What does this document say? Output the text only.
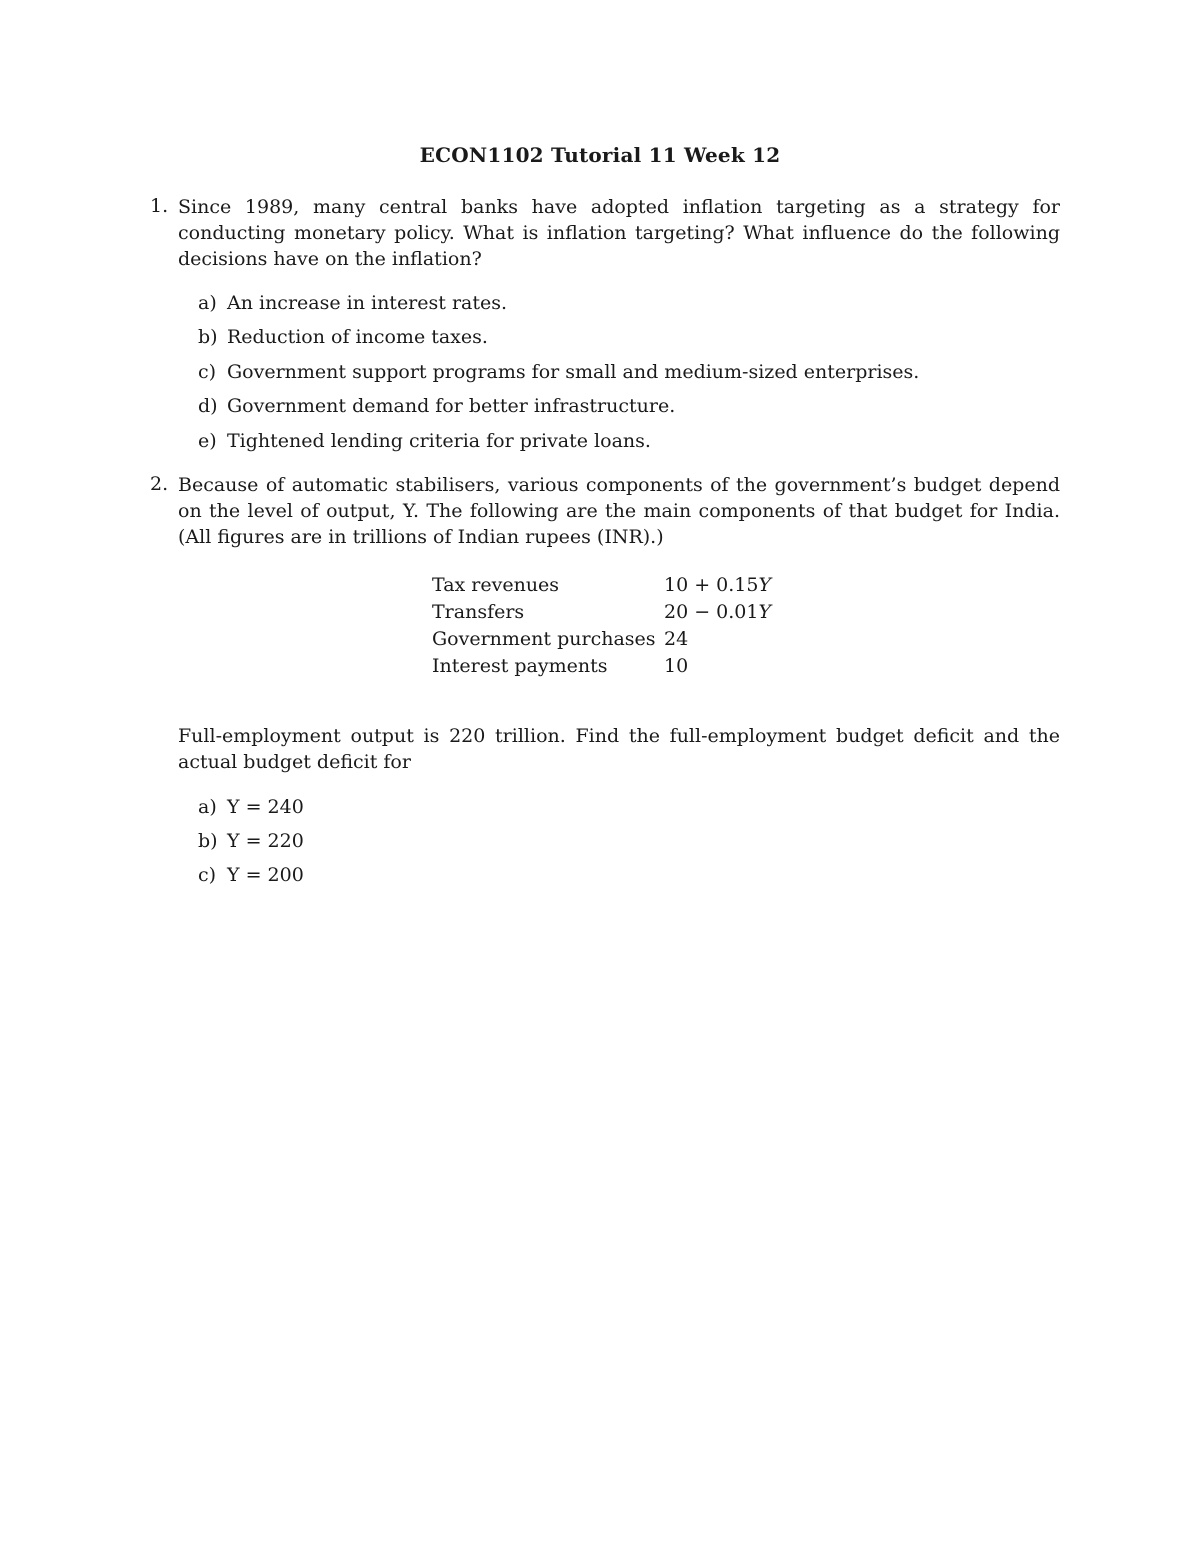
ECON1102 Tutorial 11 Week 12
1. Since 1989, many central banks have adopted inflation targeting as a strategy for conducting monetary policy. What is inflation targeting? What influence do the following decisions have on the inflation?
a) An increase in interest rates.
b) Reduction of income taxes.
c) Government support programs for small and medium-sized enterprises.
d) Government demand for better infrastructure.
e) Tightened lending criteria for private loans.
2. Because of automatic stabilisers, various components of the government’s budget depend on the level of output, Y. The following are the main components of that budget for India. (All figures are in trillions of Indian rupees (INR).)
Tax revenues	10 + 0.15Y
Transfers	20 − 0.01Y
Government purchases	24
Interest payments	10
Full-employment output is 220 trillion. Find the full-employment budget deficit and the actual budget deficit for
a) Y = 240
b) Y = 220
c) Y = 200
